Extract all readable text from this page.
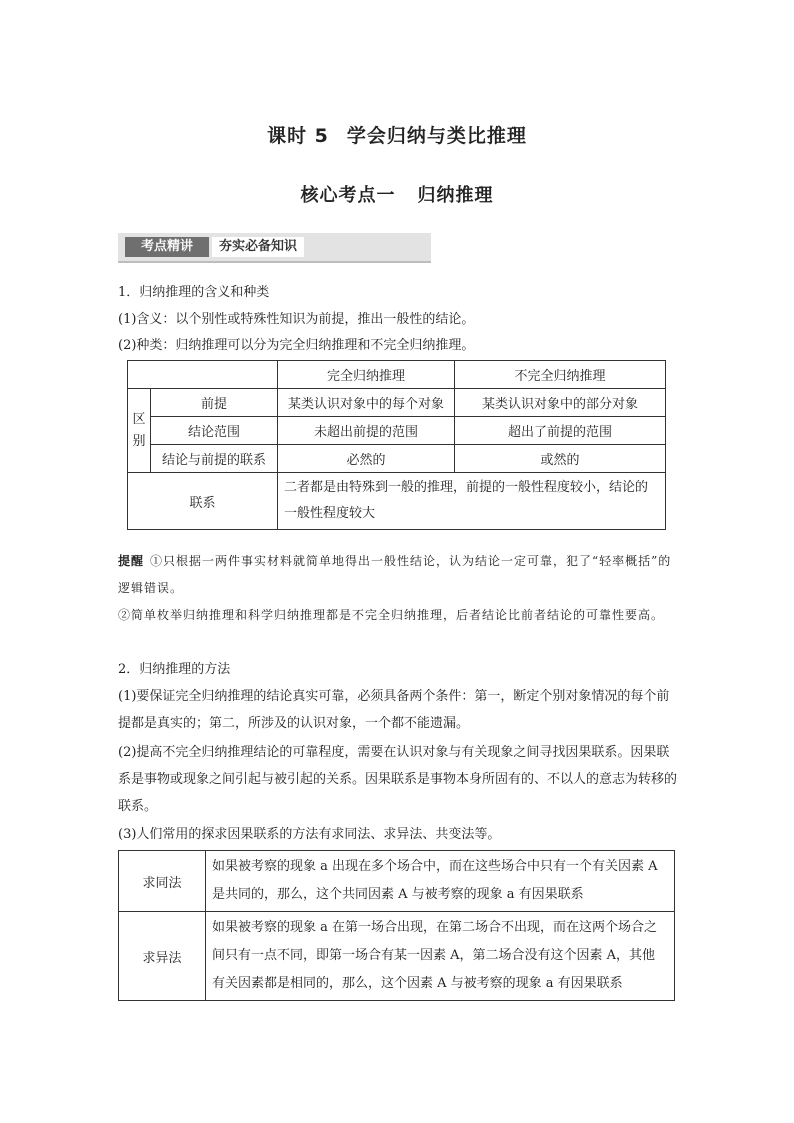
课时 5 学会归纳与类比推理
核心考点一 归纳推理
考点精讲	夯实必备知识
1．归纳推理的含义和种类
(1)含义：以个别性或特殊性知识为前提，推出一般性的结论。
(2)种类：归纳推理可以分为完全归纳推理和不完全归纳推理。
		完全归纳推理	不完全归纳推理
区别	前提	某类认识对象中的每个对象	某类认识对象中的部分对象
	结论范围	未超出前提的范围	超出了前提的范围
	结论与前提的联系	必然的	或然的
联系		二者都是由特殊到一般的推理，前提的一般性程度较小，结论的一般性程度较大	
提醒 ①只根据一两件事实材料就简单地得出一般性结论，认为结论一定可靠，犯了“轻率概括”的逻辑错误。
②简单枚举归纳推理和科学归纳推理都是不完全归纳推理，后者结论比前者结论的可靠性要高。
2．归纳推理的方法
(1)要保证完全归纳推理的结论真实可靠，必须具备两个条件：第一，断定个别对象情况的每个前提都是真实的；第二，所涉及的认识对象，一个都不能遗漏。
(2)提高不完全归纳推理结论的可靠程度，需要在认识对象与有关现象之间寻找因果联系。因果联系是事物或现象之间引起与被引起的关系。因果联系是事物本身所固有的、不以人的意志为转移的联系。
(3)人们常用的探求因果联系的方法有求同法、求异法、共变法等。
求同法	如果被考察的现象 a 出现在多个场合中，而在这些场合中只有一个有关因素 A 是共同的，那么，这个共同因素 A 与被考察的现象 a 有因果联系
求异法	如果被考察的现象 a 在第一场合出现，在第二场合不出现，而在这两个场合之间只有一点不同，即第一场合有某一因素 A，第二场合没有这个因素 A，其他有关因素都是相同的，那么，这个因素 A 与被考察的现象 a 有因果联系
